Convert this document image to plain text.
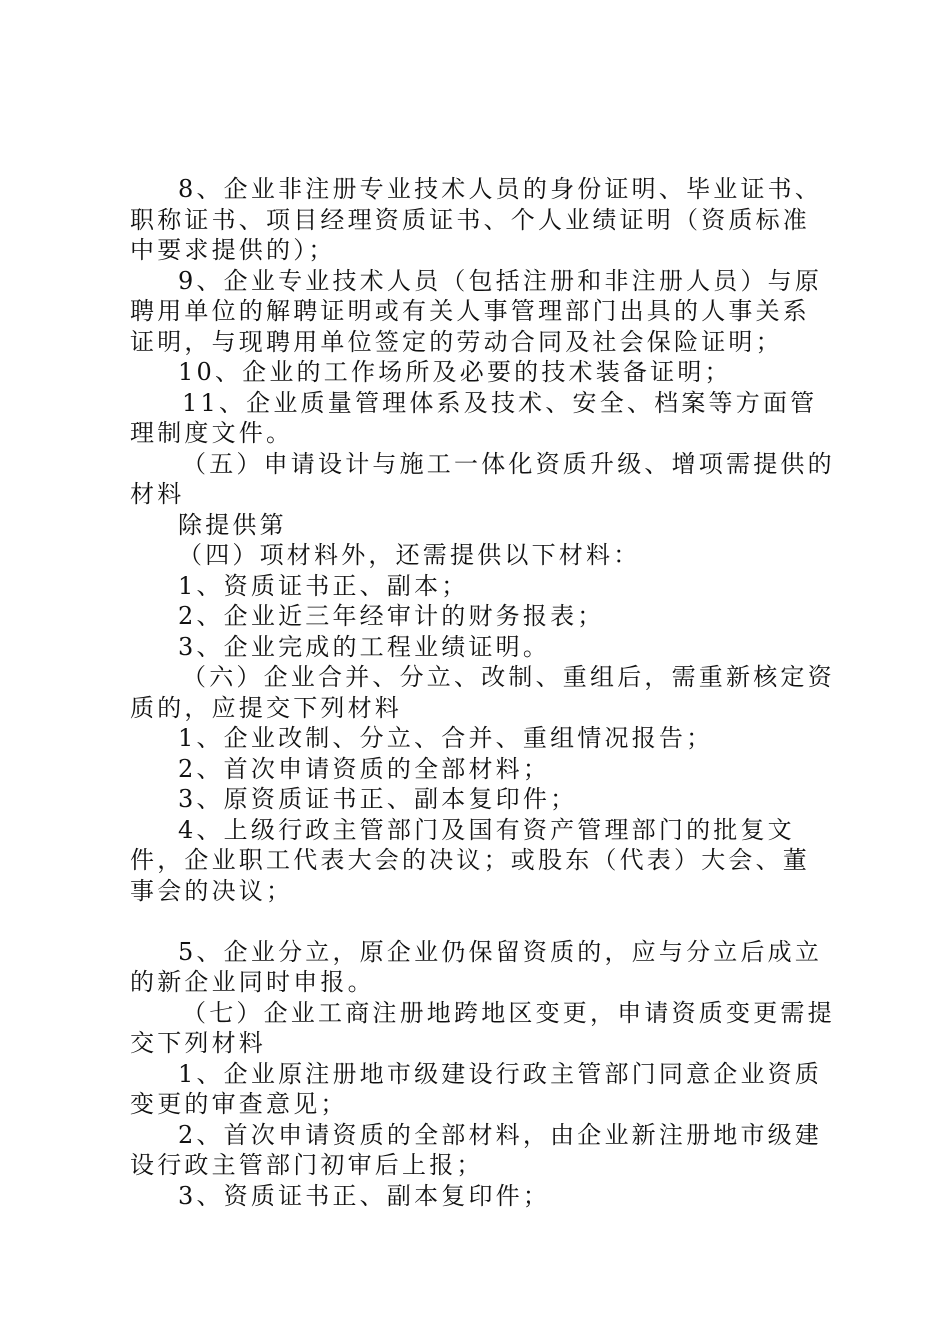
8、企业非注册专业技术人员的身份证明、毕业证书、职称证书、项目经理资质证书、个人业绩证明（资质标准中要求提供的）；

9、企业专业技术人员（包括注册和非注册人员）与原聘用单位的解聘证明或有关人事管理部门出具的人事关系证明，与现聘用单位签定的劳动合同及社会保险证明；

10、企业的工作场所及必要的技术装备证明；

11、企业质量管理体系及技术、安全、档案等方面管理制度文件。

（五）申请设计与施工一体化资质升级、增项需提供的材料

除提供第

（四）项材料外，还需提供以下材料：

1、资质证书正、副本；

2、企业近三年经审计的财务报表；

3、企业完成的工程业绩证明。

（六）企业合并、分立、改制、重组后，需重新核定资质的，应提交下列材料

1、企业改制、分立、合并、重组情况报告；

2、首次申请资质的全部材料；

3、原资质证书正、副本复印件；

4、上级行政主管部门及国有资产管理部门的批复文件，企业职工代表大会的决议；或股东（代表）大会、董事会的决议；

5、企业分立，原企业仍保留资质的，应与分立后成立的新企业同时申报。

（七）企业工商注册地跨地区变更，申请资质变更需提交下列材料

1、企业原注册地市级建设行政主管部门同意企业资质变更的审查意见；

2、首次申请资质的全部材料，由企业新注册地市级建设行政主管部门初审后上报；

3、资质证书正、副本复印件；
